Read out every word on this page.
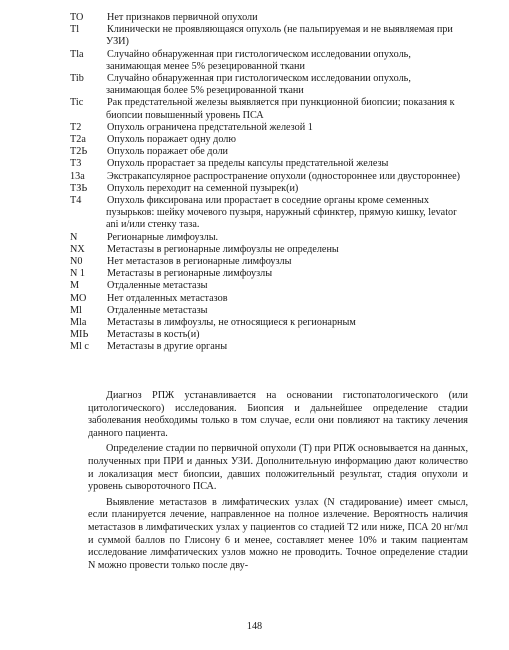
TO Нет признаков первичной опухоли

Tl	Клинически не проявляющаяся опухоль (не пальпируемая и не выявляемая при УЗИ)

Tla Случайно обнаруженная при гистологическом исследовании опухоль, занимающая менее 5% резецированной ткани

Tib Случайно обнаруженная при гистологическом исследовании опухоль, занимающая более 5% резецированной ткани

Tic Рак предстательной железы выявляется при пункционной биопсии; показания к биопсии повышенный уровень ПСА

T2	Опухоль ограничена предстательной железой 1

T2a Опухоль поражает одну долю

T2Ь Опухоль поражает обе доли

T3	Опухоль прорастает за пределы капсулы предстательной железы

13а Экстракапсулярное распространение опухоли (одностороннее или двустороннее)

ТЗЬ Опухоль переходит на семенной пузырек(и)

T4	Опухоль фиксирована или прорастает в соседние органы кроме семенных пузырьков: шейку мочевого пузыря, наружный сфинктер, прямую кишку, levator ani и/или стенку таза.

N	Регионарные лимфоузлы.

NX Метастазы в регионарные лимфоузлы не определены

N0 Нет метастазов в регионарные лимфоузлы

N 1 Метастазы в регионарные лимфоузлы

M	Отдаленные метастазы

МО Нет отдаленных метастазов

Ml Отдаленные метастазы

Mla Метастазы в лимфоузлы, не относящиеся к регионарным

МIЬ Метастазы в кость(и)

Ml с Метастазы в другие органы

Диагноз РПЖ устанавливается на основании гистопатологического (или цитологического) исследования. Биопсия и дальнейшее определение стадии заболевания необходимы только в том случае, если они повлияют на тактику лечения данного пациента.

Определение стадии по первичной опухоли (Т) при РПЖ основывается на данных, полученных при ПРИ и данных УЗИ. Дополнительную информацию дают количество и локализация мест биопсии, давших положительный результат, стадия опухоли и уровень сывороточного ПСА.

Выявление метастазов в лимфатических узлах (N стадирование) имеет смысл, если планируется лечение, направленное на полное излечение. Вероятность наличия метастазов в лимфатических узлах у пациентов со стадией Т2 или ниже, ПСА 20 нг/мл и суммой баллов по Глисону 6 и менее, составляет менее 10% и таким пациентам исследование лимфатических узлов можно не проводить. Точное определение стадии N можно провести только после дву-

148
